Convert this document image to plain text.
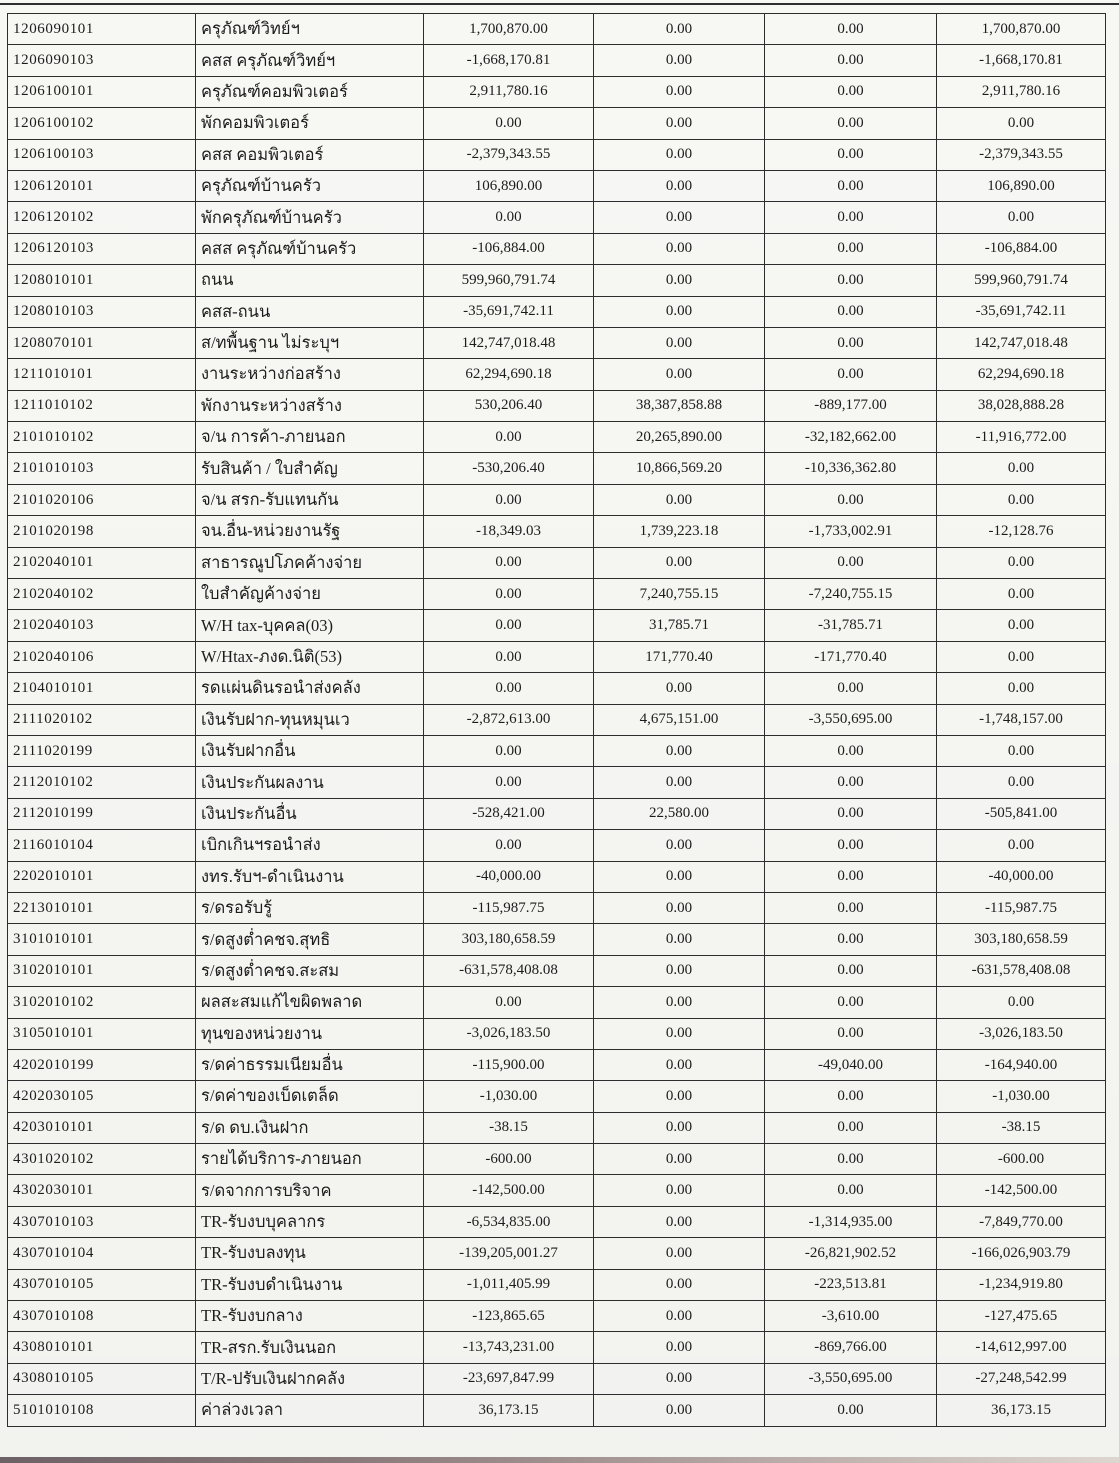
1206090101	ครุภัณฑ์วิทย์ฯ	1,700,870.00	0.00	0.00	1,700,870.00
1206090103	คสส ครุภัณฑ์วิทย์ฯ	-1,668,170.81	0.00	0.00	-1,668,170.81
1206100101	ครุภัณฑ์คอมพิวเตอร์	2,911,780.16	0.00	0.00	2,911,780.16
1206100102	พักคอมพิวเตอร์	0.00	0.00	0.00	0.00
1206100103	คสส คอมพิวเตอร์	-2,379,343.55	0.00	0.00	-2,379,343.55
1206120101	ครุภัณฑ์บ้านครัว	106,890.00	0.00	0.00	106,890.00
1206120102	พักครุภัณฑ์บ้านครัว	0.00	0.00	0.00	0.00
1206120103	คสส ครุภัณฑ์บ้านครัว	-106,884.00	0.00	0.00	-106,884.00
1208010101	ถนน	599,960,791.74	0.00	0.00	599,960,791.74
1208010103	คสส-ถนน	-35,691,742.11	0.00	0.00	-35,691,742.11
1208070101	ส/ทพื้นฐาน ไม่ระบุฯ	142,747,018.48	0.00	0.00	142,747,018.48
1211010101	งานระหว่างก่อสร้าง	62,294,690.18	0.00	0.00	62,294,690.18
1211010102	พักงานระหว่างสร้าง	530,206.40	38,387,858.88	-889,177.00	38,028,888.28
2101010102	จ/น การค้า-ภายนอก	0.00	20,265,890.00	-32,182,662.00	-11,916,772.00
2101010103	รับสินค้า / ใบสำคัญ	-530,206.40	10,866,569.20	-10,336,362.80	0.00
2101020106	จ/น สรก-รับแทนกัน	0.00	0.00	0.00	0.00
2101020198	จน.อื่น-หน่วยงานรัฐ	-18,349.03	1,739,223.18	-1,733,002.91	-12,128.76
2102040101	สาธารณูปโภคค้างจ่าย	0.00	0.00	0.00	0.00
2102040102	ใบสำคัญค้างจ่าย	0.00	7,240,755.15	-7,240,755.15	0.00
2102040103	W/H tax-บุคคล(03)	0.00	31,785.71	-31,785.71	0.00
2102040106	W/Htax-ภงด.นิติ(53)	0.00	171,770.40	-171,770.40	0.00
2104010101	รดแผ่นดินรอนำส่งคลัง	0.00	0.00	0.00	0.00
2111020102	เงินรับฝาก-ทุนหมุนเว	-2,872,613.00	4,675,151.00	-3,550,695.00	-1,748,157.00
2111020199	เงินรับฝากอื่น	0.00	0.00	0.00	0.00
2112010102	เงินประกันผลงาน	0.00	0.00	0.00	0.00
2112010199	เงินประกันอื่น	-528,421.00	22,580.00	0.00	-505,841.00
2116010104	เบิกเกินฯรอนำส่ง	0.00	0.00	0.00	0.00
2202010101	งทร.รับฯ-ดำเนินงาน	-40,000.00	0.00	0.00	-40,000.00
2213010101	ร/ดรอรับรู้	-115,987.75	0.00	0.00	-115,987.75
3101010101	ร/ดสูงต่ำคชจ.สุทธิ	303,180,658.59	0.00	0.00	303,180,658.59
3102010101	ร/ดสูงต่ำคชจ.สะสม	-631,578,408.08	0.00	0.00	-631,578,408.08
3102010102	ผลสะสมแก้ไขผิดพลาด	0.00	0.00	0.00	0.00
3105010101	ทุนของหน่วยงาน	-3,026,183.50	0.00	0.00	-3,026,183.50
4202010199	ร/ดค่าธรรมเนียมอื่น	-115,900.00	0.00	-49,040.00	-164,940.00
4202030105	ร/ดค่าของเบ็ดเตล็ด	-1,030.00	0.00	0.00	-1,030.00
4203010101	ร/ด ดบ.เงินฝาก	-38.15	0.00	0.00	-38.15
4301020102	รายได้บริการ-ภายนอก	-600.00	0.00	0.00	-600.00
4302030101	ร/ดจากการบริจาค	-142,500.00	0.00	0.00	-142,500.00
4307010103	TR-รับงบบุคลากร	-6,534,835.00	0.00	-1,314,935.00	-7,849,770.00
4307010104	TR-รับงบลงทุน	-139,205,001.27	0.00	-26,821,902.52	-166,026,903.79
4307010105	TR-รับงบดำเนินงาน	-1,011,405.99	0.00	-223,513.81	-1,234,919.80
4307010108	TR-รับงบกลาง	-123,865.65	0.00	-3,610.00	-127,475.65
4308010101	TR-สรก.รับเงินนอก	-13,743,231.00	0.00	-869,766.00	-14,612,997.00
4308010105	T/R-ปรับเงินฝากคลัง	-23,697,847.99	0.00	-3,550,695.00	-27,248,542.99
5101010108	ค่าล่วงเวลา	36,173.15	0.00	0.00	36,173.15
